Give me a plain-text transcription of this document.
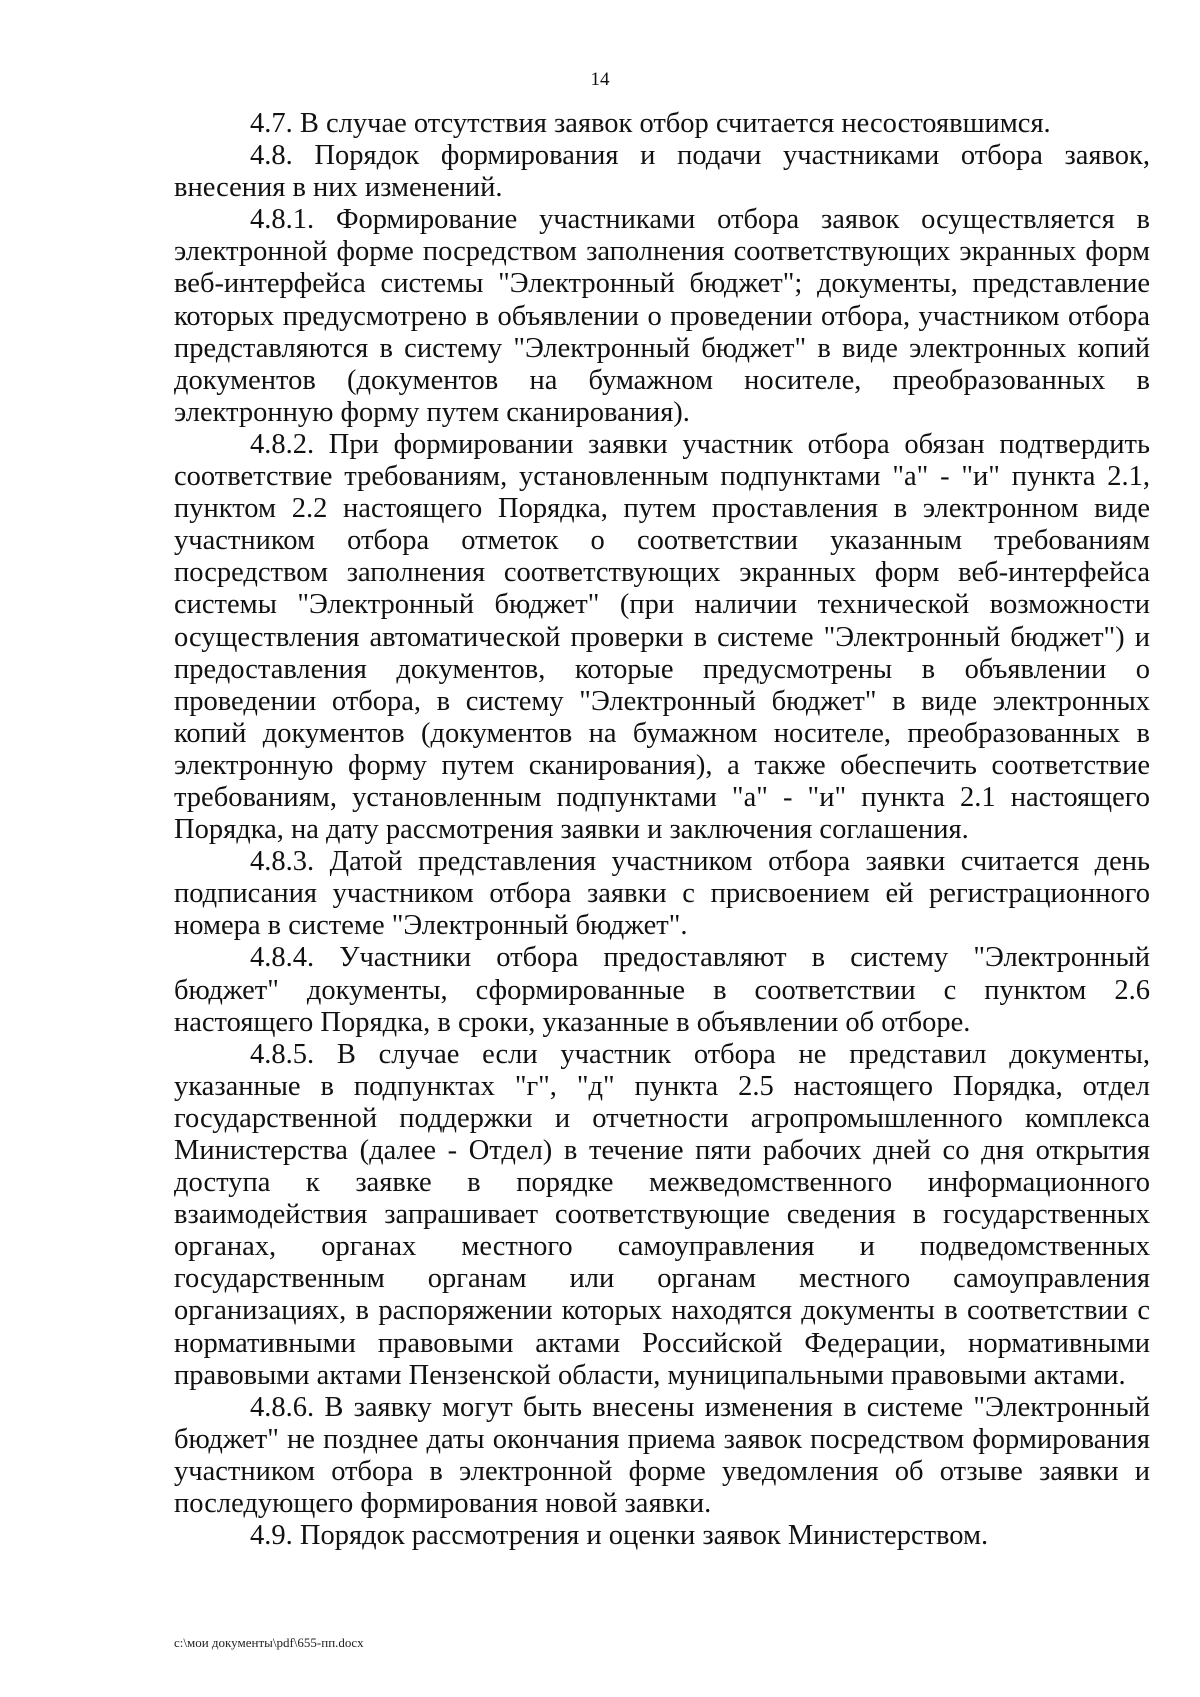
14

4.7. В случае отсутствия заявок отбор считается несостоявшимся.

4.8. Порядок формирования и подачи участниками отбора заявок, внесения в них изменений.

4.8.1. Формирование участниками отбора заявок осуществляется в электронной форме посредством заполнения соответствующих экранных форм веб-интерфейса системы "Электронный бюджет"; документы, представление которых предусмотрено в объявлении о проведении отбора, участником отбора представляются в систему "Электронный бюджет" в виде электронных копий документов (документов на бумажном носителе, преобразованных в электронную форму путем сканирования).

4.8.2. При формировании заявки участник отбора обязан подтвердить соответствие требованиям, установленным подпунктами "а" - "и" пункта 2.1, пунктом 2.2 настоящего Порядка, путем проставления в электронном виде участником отбора отметок о соответствии указанным требованиям посредством заполнения соответствующих экранных форм веб-интерфейса системы "Электронный бюджет" (при наличии технической возможности осуществления автоматической проверки в системе "Электронный бюджет") и предоставления документов, которые предусмотрены в объявлении о проведении отбора, в систему "Электронный бюджет" в виде электронных копий документов (документов на бумажном носителе, преобразованных в электронную форму путем сканирования), а также обеспечить соответствие требованиям, установленным подпунктами "а" - "и" пункта 2.1 настоящего Порядка, на дату рассмотрения заявки и заключения соглашения.

4.8.3. Датой представления участником отбора заявки считается день подписания участником отбора заявки с присвоением ей регистрационного номера в системе "Электронный бюджет".

4.8.4. Участники отбора предоставляют в систему "Электронный бюджет" документы, сформированные в соответствии с пунктом 2.6 настоящего Порядка, в сроки, указанные в объявлении об отборе.

4.8.5. В случае если участник отбора не представил документы, указанные в подпунктах "г", "д" пункта 2.5 настоящего Порядка, отдел государственной поддержки и отчетности агропромышленного комплекса Министерства (далее - Отдел) в течение пяти рабочих дней со дня открытия доступа к заявке в порядке межведомственного информационного взаимодействия запрашивает соответствующие сведения в государственных органах, органах местного самоуправления и подведомственных государственным органам или органам местного самоуправления организациях, в распоряжении которых находятся документы в соответствии с нормативными правовыми актами Российской Федерации, нормативными правовыми актами Пензенской области, муниципальными правовыми актами.

4.8.6. В заявку могут быть внесены изменения в системе "Электронный бюджет" не позднее даты окончания приема заявок посредством формирования участником отбора в электронной форме уведомления об отзыве заявки и последующего формирования новой заявки.

4.9. Порядок рассмотрения и оценки заявок Министерством.

c:\мои документы\pdf\655-пп.docx
